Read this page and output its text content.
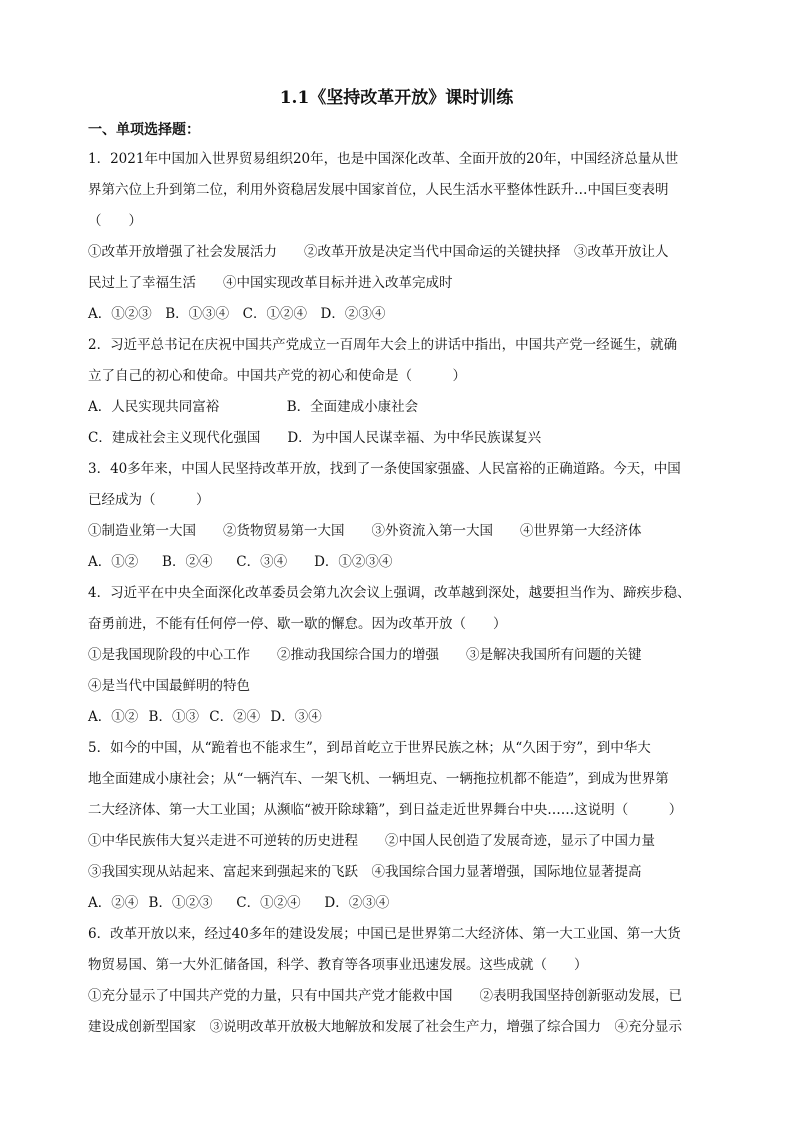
1.1《坚持改革开放》课时训练

一、单项选择题：

1．2021年中国加入世界贸易组织20年，也是中国深化改革、全面开放的20年，中国经济总量从世

界第六位上升到第二位，利用外资稳居发展中国家首位，人民生活水平整体性跃升…中国巨变表明

（　　）

①改革开放增强了社会发展活力　　②改革开放是决定当代中国命运的关键抉择　③改革开放让人

民过上了幸福生活　　④中国实现改革目标并进入改革完成时

A．①②③　B．①③④　C．①②④　D．②③④

2．习近平总书记在庆祝中国共产党成立一百周年大会上的讲话中指出，中国共产党一经诞生，就确

立了自己的初心和使命。中国共产党的初心和使命是（　　　）

A．人民实现共同富裕　　　　　B．全面建成小康社会

C．建成社会主义现代化强国　　D．为中国人民谋幸福、为中华民族谋复兴

3．40多年来，中国人民坚持改革开放，找到了一条使国家强盛、人民富裕的正确道路。今天，中国

已经成为（　　　）

①制造业第一大国　　②货物贸易第一大国　　③外资流入第一大国　　④世界第一大经济体

A．①②　 B．②④　 C．③④　　D．①②③④

4．习近平在中央全面深化改革委员会第九次会议上强调，改革越到深处，越要担当作为、蹄疾步稳、

奋勇前进，不能有任何停一停、歇一歇的懈怠。因为改革开放（　　）

①是我国现阶段的中心工作　　②推动我国综合国力的增强　　③是解决我国所有问题的关键

④是当代中国最鲜明的特色

A．①② B．①③ C．②④ D．③④

5．如今的中国，从“跪着也不能求生”，到昂首屹立于世界民族之林；从“久困于穷”，到中华大

地全面建成小康社会；从“一辆汽车、一架飞机、一辆坦克、一辆拖拉机都不能造”，到成为世界第

二大经济体、第一大工业国；从濒临“被开除球籍”，到日益走近世界舞台中央……这说明（　　　）

①中华民族伟大复兴走进不可逆转的历史进程　　②中国人民创造了发展奇迹，显示了中国力量

③我国实现从站起来、富起来到强起来的飞跃　④我国综合国力显著增强，国际地位显著提高

A．②④ B．①②③　 C．①②④　 D．②③④

6．改革开放以来，经过40多年的建设发展；中国已是世界第二大经济体、第一大工业国、第一大货

物贸易国、第一大外汇储备国，科学、教育等各项事业迅速发展。这些成就（　　）

①充分显示了中国共产党的力量，只有中国共产党才能救中国　　②表明我国坚持创新驱动发展，已

建设成创新型国家　③说明改革开放极大地解放和发展了社会生产力，增强了综合国力　④充分显示
